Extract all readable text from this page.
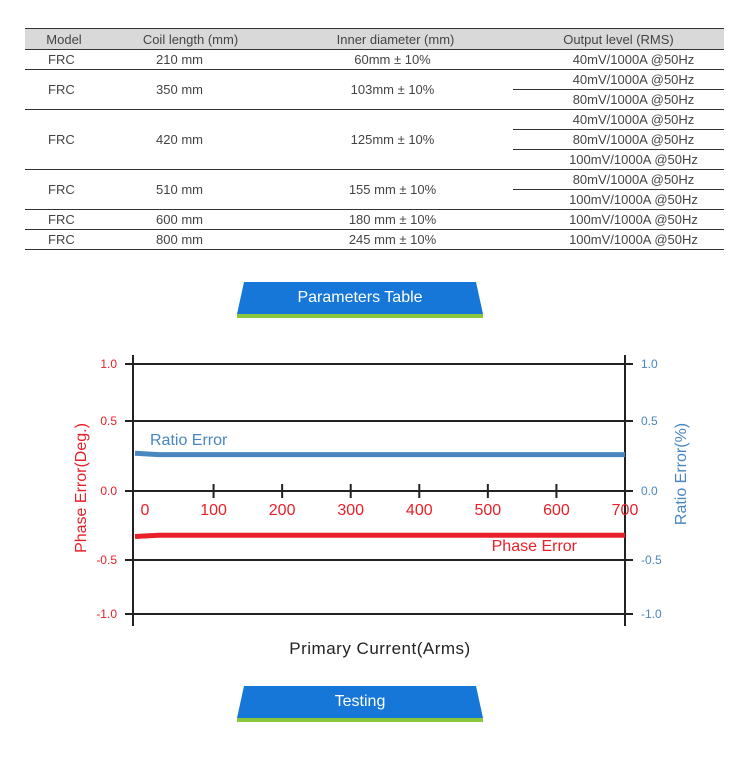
Model	Coil length (mm)	Inner diameter (mm)	Output level (RMS)
FRC	210 mm	60mm ± 10%	40mV/1000A @50Hz
FRC	350 mm	103mm ± 10%	40mV/1000A @50Hz
			80mV/1000A @50Hz
FRC	420 mm	125mm ± 10%	40mV/1000A @50Hz
			80mV/1000A @50Hz
			100mV/1000A @50Hz
FRC	510 mm	155 mm ± 10%	80mV/1000A @50Hz
			100mV/1000A @50Hz
FRC	600 mm	180 mm ± 10%	100mV/1000A @50Hz
FRC	800 mm	245 mm ± 10%	100mV/1000A @50Hz
Parameters Table
1.0
0.5
0.0
-0.5
-1.0
1.0
0.5
0.0
-0.5
-1.0
0	100	200	300	400	500	600	700
Ratio Error
Phase Error
Phase Error(Deg.)	Ratio Error(%)
Primary Current(Arms)
Testing
